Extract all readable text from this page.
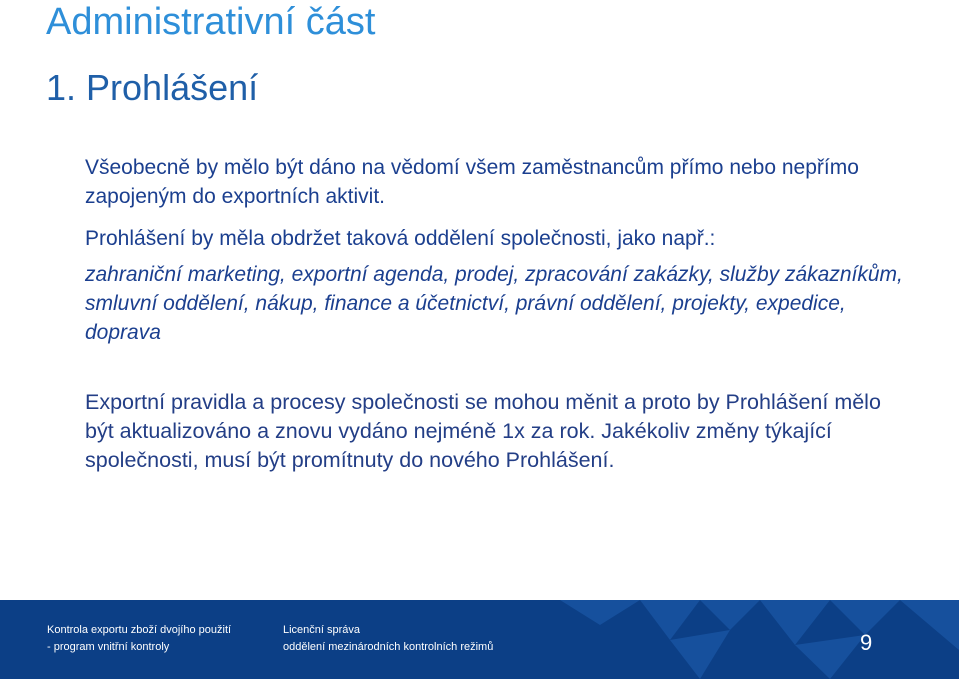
Administrativní část
1. Prohlášení

Všeobecně by mělo být dáno na vědomí všem zaměstnancům přímo nebo nepřímo zapojeným do exportních aktivit.

Prohlášení by měla obdržet taková oddělení společnosti, jako např.:

zahraniční marketing, exportní agenda, prodej, zpracování zakázky, služby zákazníkům, smluvní oddělení, nákup, finance a účetnictví, právní oddělení, projekty, expedice, doprava

Exportní pravidla a procesy společnosti se mohou měnit a proto by Prohlášení mělo být aktualizováno a znovu vydáno nejméně 1x za rok. Jakékoliv změny týkající společnosti, musí být promítnuty do nového Prohlášení.

Kontrola exportu zboží dvojího použití
- program vnitřní kontroly
Licenční správa
oddělení mezinárodních kontrolních režimů	9
